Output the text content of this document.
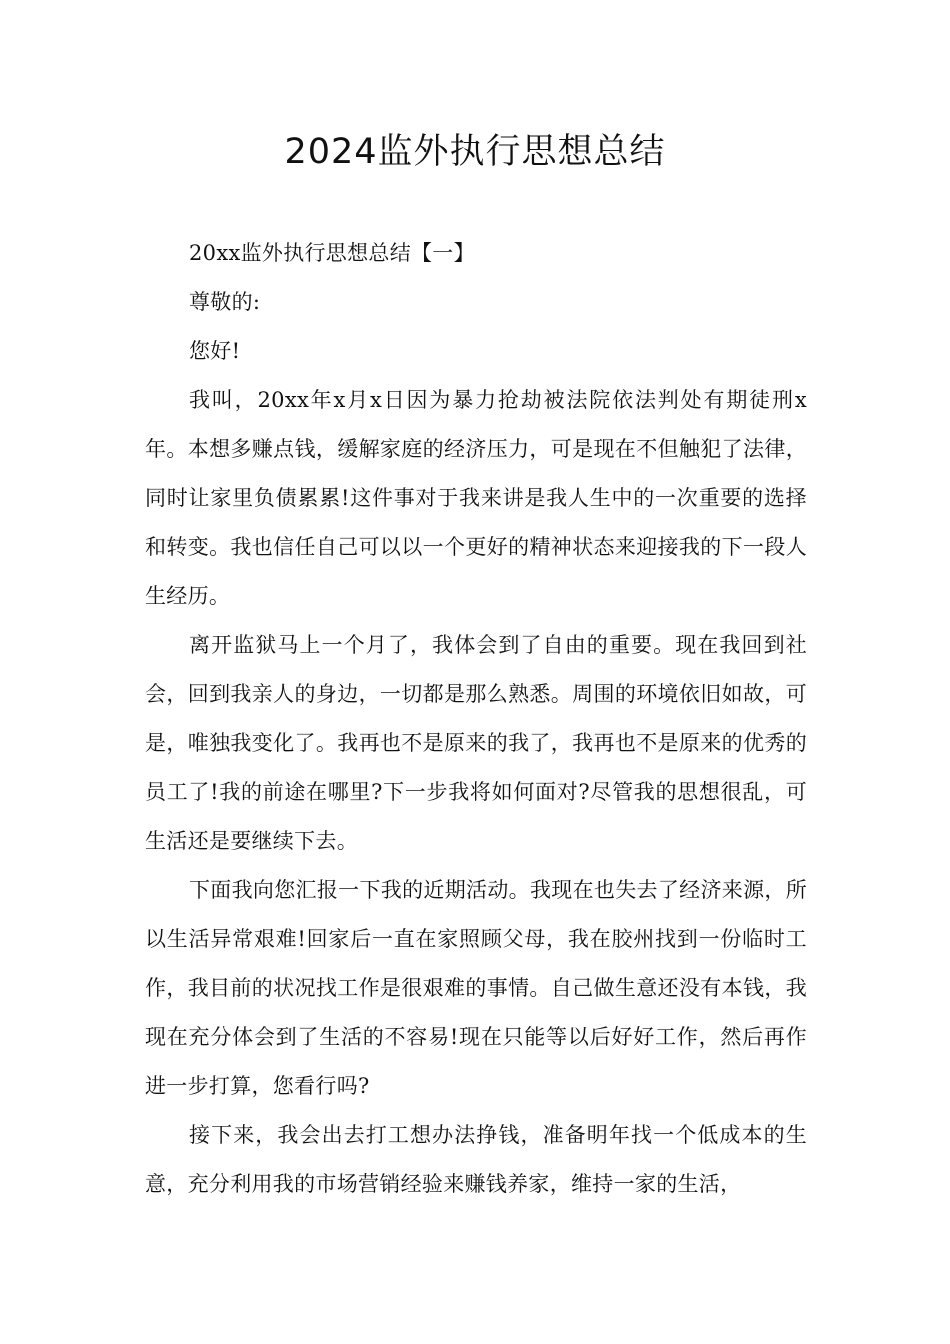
2024监外执行思想总结

20xx监外执行思想总结【一】

尊敬的:

您好!

我叫，20xx年x月x日因为暴力抢劫被法院依法判处有期徒刑x年。本想多赚点钱，缓解家庭的经济压力，可是现在不但触犯了法律，同时让家里负债累累!这件事对于我来讲是我人生中的一次重要的选择和转变。我也信任自己可以以一个更好的精神状态来迎接我的下一段人生经历。

离开监狱马上一个月了，我体会到了自由的重要。现在我回到社会，回到我亲人的身边，一切都是那么熟悉。周围的环境依旧如故，可是，唯独我变化了。我再也不是原来的我了，我再也不是原来的优秀的员工了!我的前途在哪里?下一步我将如何面对?尽管我的思想很乱，可生活还是要继续下去。

下面我向您汇报一下我的近期活动。我现在也失去了经济来源，所以生活异常艰难!回家后一直在家照顾父母，我在胶州找到一份临时工作，我目前的状况找工作是很艰难的事情。自己做生意还没有本钱，我现在充分体会到了生活的不容易!现在只能等以后好好工作，然后再作进一步打算，您看行吗?

接下来，我会出去打工想办法挣钱，准备明年找一个低成本的生意，充分利用我的市场营销经验来赚钱养家，维持一家的生活，
